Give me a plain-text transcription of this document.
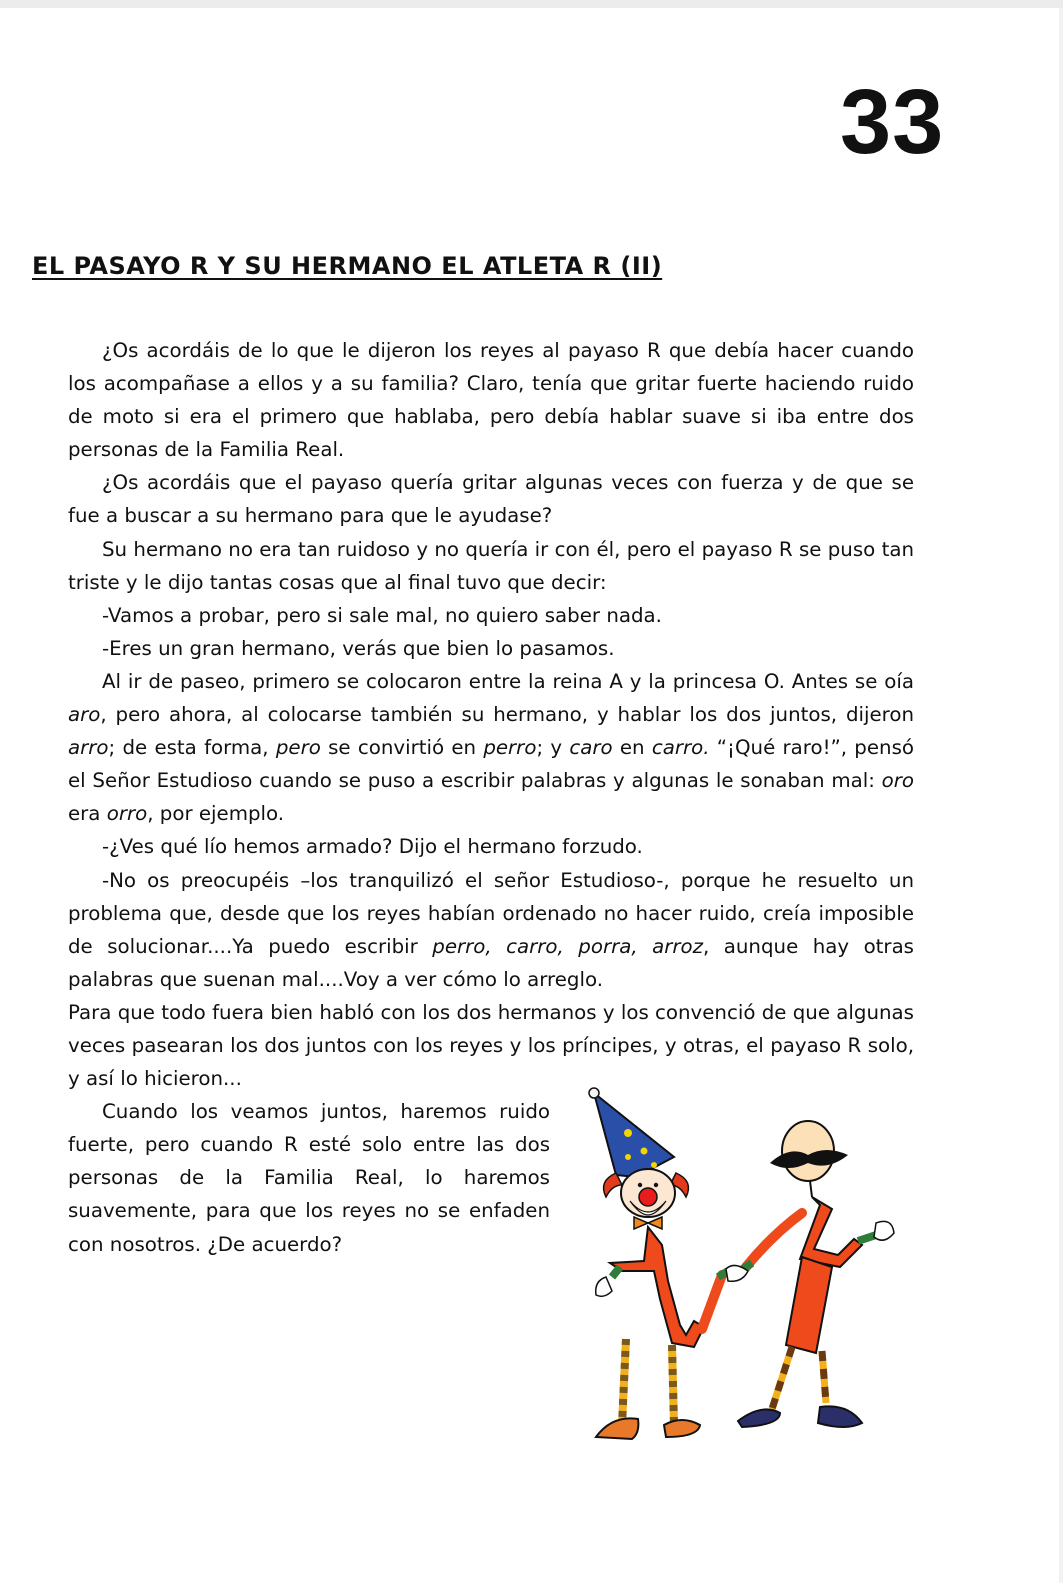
33
EL PASAYO R Y SU HERMANO EL ATLETA R (II)

¿Os acordáis de lo que le dijeron los reyes al payaso R que debía hacer cuando los acompañase a ellos y a su familia? Claro, tenía que gritar fuerte haciendo ruido de moto si era el primero que hablaba, pero debía hablar suave si iba entre dos personas de la Familia Real.

¿Os acordáis que el payaso quería gritar algunas veces con fuerza y de que se fue a buscar a su hermano para que le ayudase?

Su hermano no era tan ruidoso y no quería ir con él, pero el payaso R se puso tan triste y le dijo tantas cosas que al final tuvo que decir:

-Vamos a probar, pero si sale mal, no quiero saber nada.

-Eres un gran hermano, verás que bien lo pasamos.

Al ir de paseo, primero se colocaron entre la reina A y la princesa O. Antes se oía aro, pero ahora, al colocarse también su hermano, y hablar los dos juntos, dijeron arro; de esta forma, pero se convirtió en perro; y caro en carro. “¡Qué raro!”, pensó el Señor Estudioso cuando se puso a escribir palabras y algunas le sonaban mal: oro era orro, por ejemplo.

-¿Ves qué lío hemos armado? Dijo el hermano forzudo.

-No os preocupéis –los tranquilizó el señor Estudioso-, porque he resuelto un problema que, desde que los reyes habían ordenado no hacer ruido, creía imposible de solucionar....Ya puedo escribir perro, carro, porra, arroz, aunque hay otras palabras que suenan mal....Voy a ver cómo lo arreglo.

Para que todo fuera bien habló con los dos hermanos y los convenció de que algunas veces pasearan los dos juntos con los reyes y los príncipes, y otras, el payaso R solo, y así lo hicieron...

Cuando los veamos juntos, haremos ruido fuerte, pero cuando R esté solo entre las dos personas de la Familia Real, lo haremos suavemente, para que los reyes no se enfaden con nosotros. ¿De acuerdo?
